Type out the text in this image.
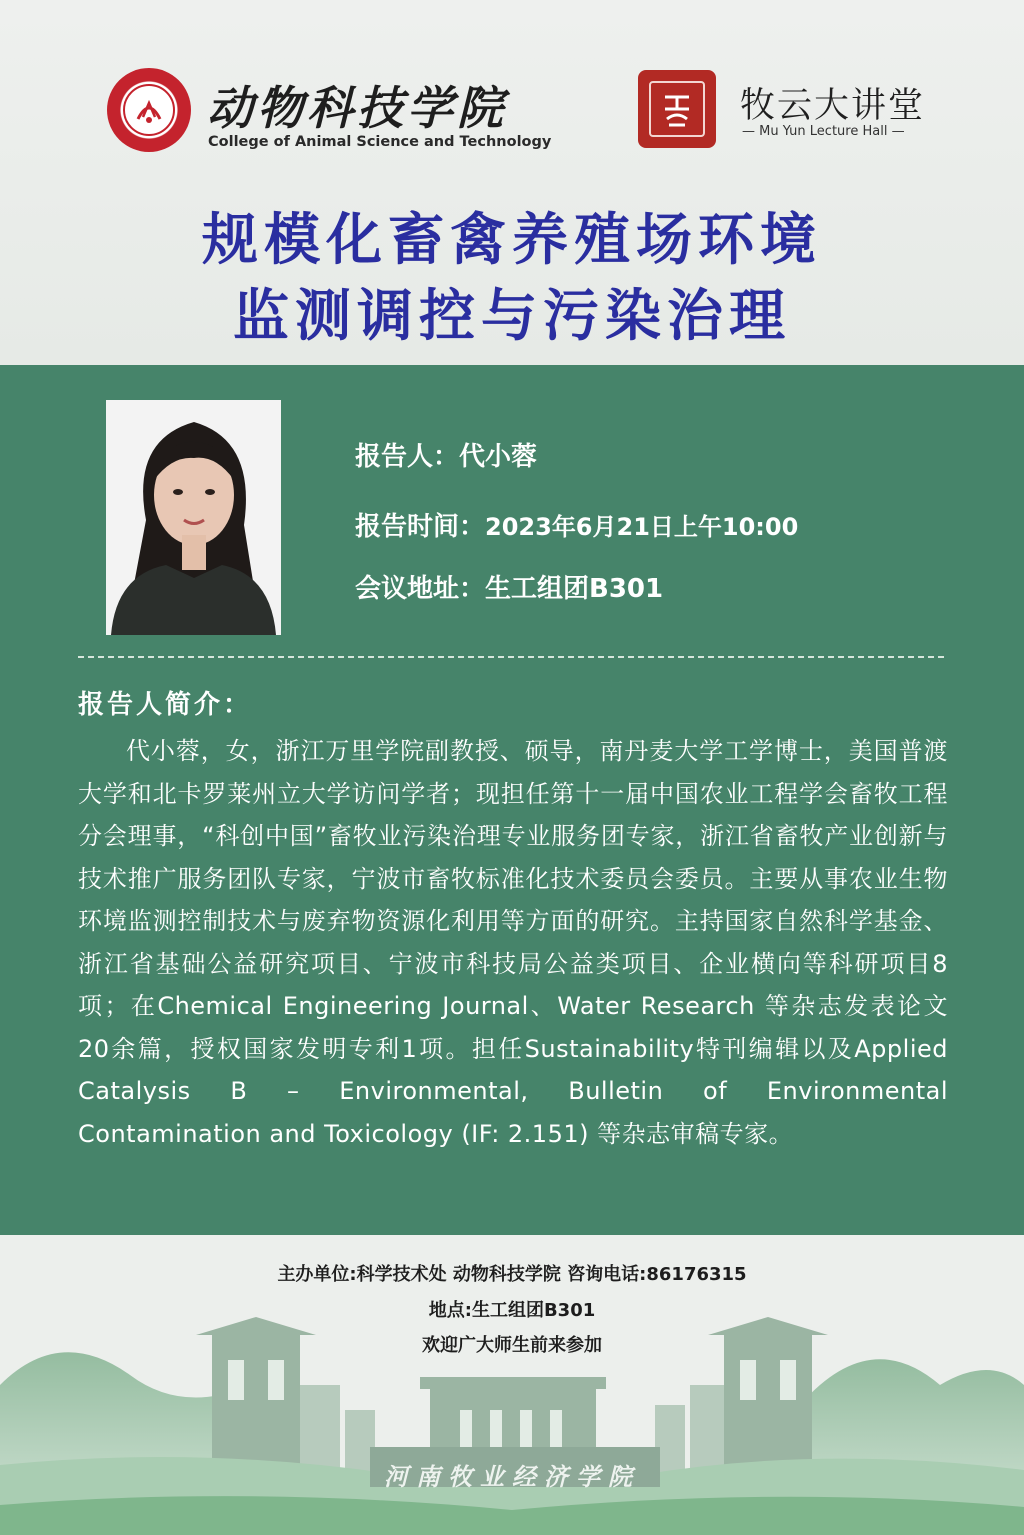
动物科技学院
College of Animal Science and Technology
牧云大讲堂
— Mu Yun Lecture Hall —
规模化畜禽养殖场环境
监测调控与污染治理
报告人：代小蓉
报告时间：2023年6月21日上午10:00
会议地址：生工组团B301
报告人简介：
代小蓉，女，浙江万里学院副教授、硕导，南丹麦大学工学博士，美国普渡大学和北卡罗莱州立大学访问学者；现担任第十一届中国农业工程学会畜牧工程分会理事，“科创中国”畜牧业污染治理专业服务团专家，浙江省畜牧产业创新与技术推广服务团队专家，宁波市畜牧标准化技术委员会委员。主要从事农业生物环境监测控制技术与废弃物资源化利用等方面的研究。主持国家自然科学基金、浙江省基础公益研究项目、宁波市科技局公益类项目、企业横向等科研项目8项；在Chemical Engineering Journal、Water Research 等杂志发表论文20余篇，授权国家发明专利1项。担任Sustainability特刊编辑以及Applied Catalysis B – Environmental, Bulletin of Environmental Contamination and Toxicology (IF: 2.151) 等杂志审稿专家。
河南牧业经济学院
主办单位:科学技术处 动物科技学院 咨询电话:86176315
地点:生工组团B301
欢迎广大师生前来参加
